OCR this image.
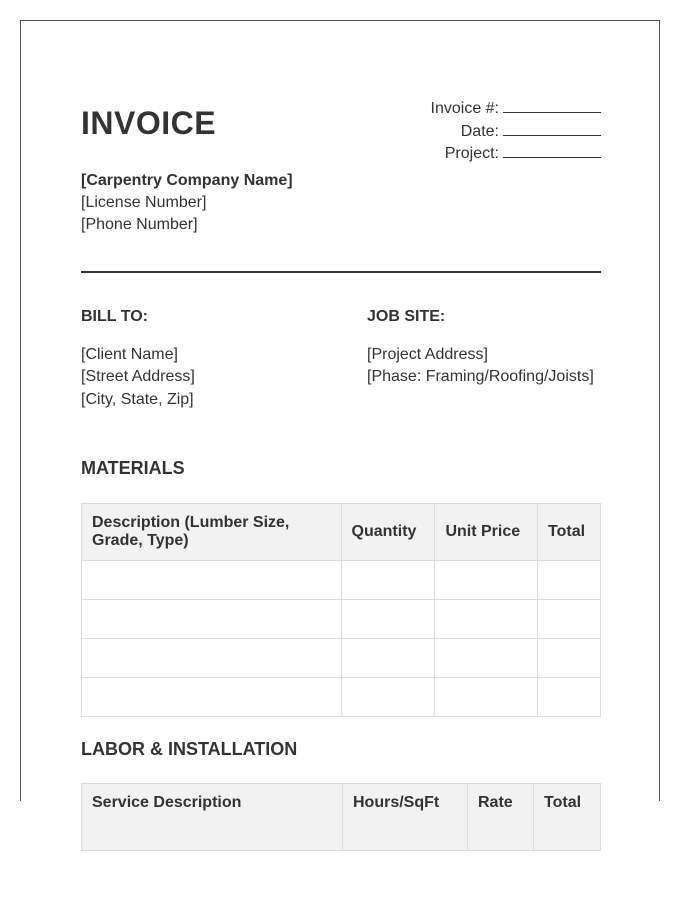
INVOICE	Invoice #:
Date:
Project:
[Carpentry Company Name]
[License Number]
[Phone Number]
BILL TO:
[Client Name]
[Street Address]
[City, State, Zip]
JOB SITE:
[Project Address]
[Phase: Framing/Roofing/Joists]
MATERIALS
Description (Lumber Size, Grade, Type)	Quantity	Unit Price	Total

LABOR & INSTALLATION
Service Description	Hours/SqFt	Rate	Total
